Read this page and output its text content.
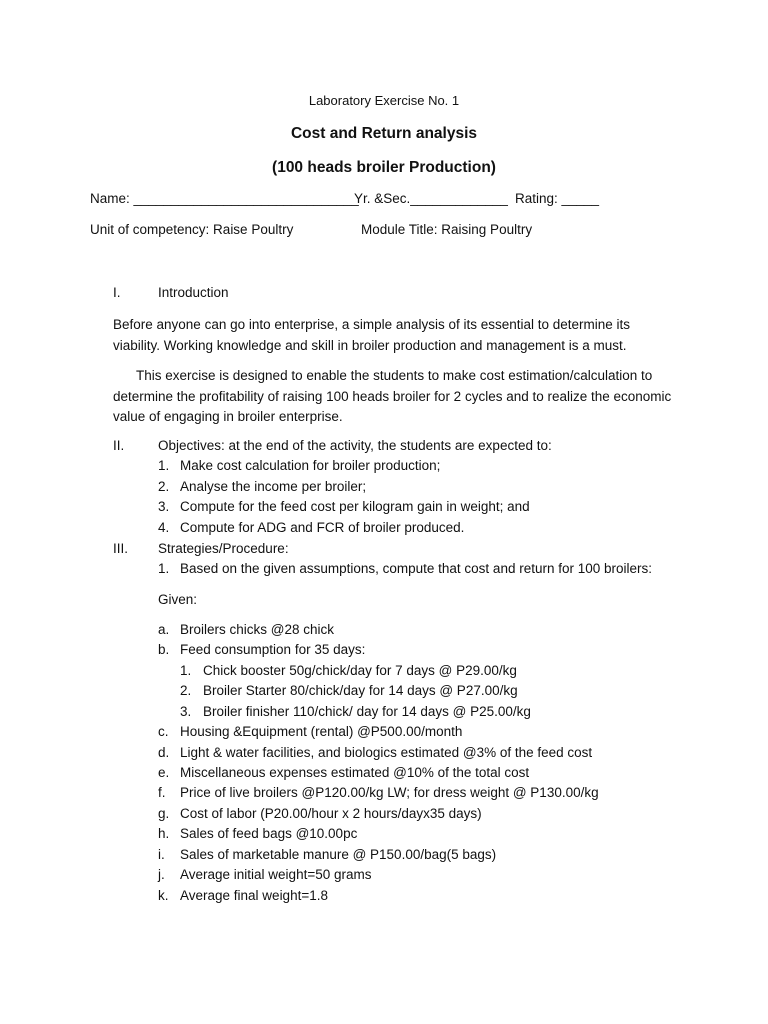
Laboratory Exercise No. 1
Cost and Return analysis
(100 heads broiler Production)
Name: ______________________________
Yr. &Sec._____________ Rating: _____
Unit of competency: Raise Poultry	Module Title: Raising Poultry
I.	Introduction
Before anyone can go into enterprise, a simple analysis of its essential to determine its viability. Working knowledge and skill in broiler production and management is a must.
This exercise is designed to enable the students to make cost estimation/calculation to determine the profitability of raising 100 heads broiler for 2 cycles and to realize the economic value of engaging in broiler enterprise.
II. Objectives: at the end of the activity, the students are expected to:
1. Make cost calculation for broiler production;
2. Analyse the income per broiler;
3. Compute for the feed cost per kilogram gain in weight; and
4. Compute for ADG and FCR of broiler produced.
III. Strategies/Procedure:
1. Based on the given assumptions, compute that cost and return for 100 broilers:
Given:
a. Broilers chicks @28 chick
b. Feed consumption for 35 days:
c. Housing &Equipment (rental) @P500.00/month
d. Light & water facilities, and biologics estimated @3% of the feed cost
e. Miscellaneous expenses estimated @10% of the total cost
f. Price of live broilers @P120.00/kg LW; for dress weight @ P130.00/kg
g. Cost of labor (P20.00/hour x 2 hours/dayx35 days)
h. Sales of feed bags @10.00pc
i. Sales of marketable manure @ P150.00/bag(5 bags)
j. Average initial weight=50 grams
k. Average final weight=1.8
1. Chick booster 50g/chick/day for 7 days @ P29.00/kg
2. Broiler Starter 80/chick/day for 14 days @ P27.00/kg
3. Broiler finisher 110/chick/ day for 14 days @ P25.00/kg
